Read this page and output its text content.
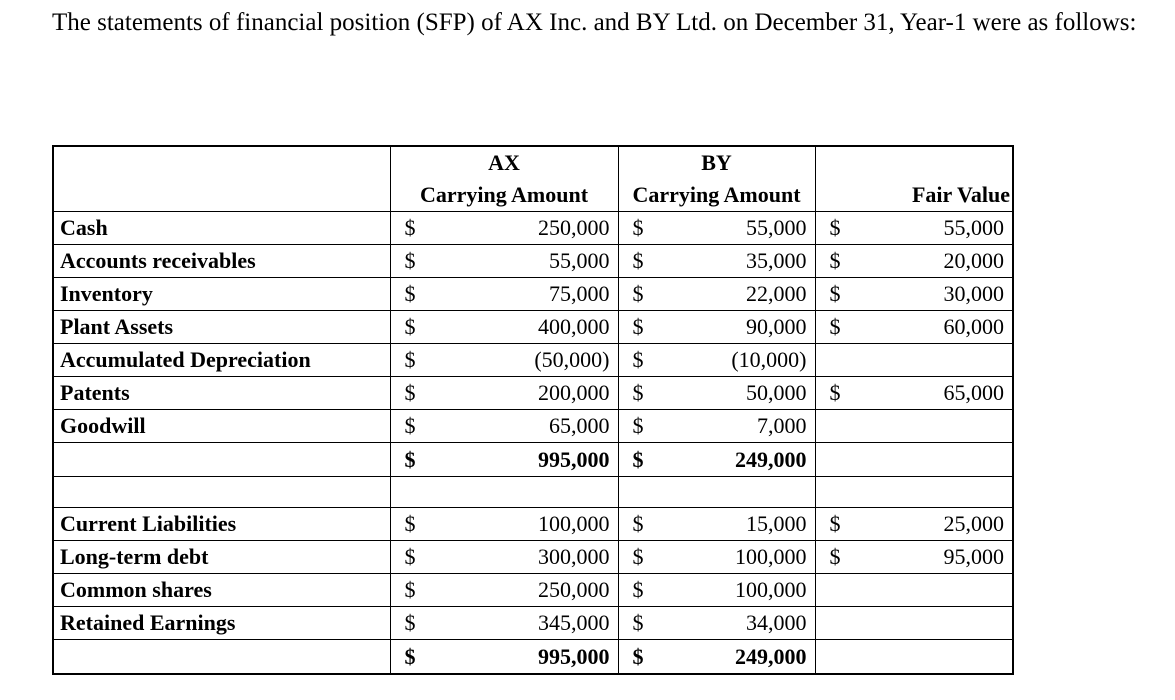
The statements of financial position (SFP) of AX Inc. and BY Ltd. on December 31, Year-1 were as follows:
	AX		BY			
	Carrying Amount		Carrying Amount		Fair Value	
Cash	$	250,000	$	55,000	$	55,000
Accounts receivables	$	55,000	$	35,000	$	20,000
Inventory	$	75,000	$	22,000	$	30,000
Plant Assets	$	400,000	$	90,000	$	60,000
Accumulated Depreciation	$	(50,000)	$	(10,000)		
Patents	$	200,000	$	50,000	$	65,000
Goodwill	$	65,000	$	7,000		
	$	995,000	$	249,000		

Current Liabilities	$	100,000	$	15,000	$	25,000
Long-term debt	$	300,000	$	100,000	$	95,000
Common shares	$	250,000	$	100,000		
Retained Earnings	$	345,000	$	34,000		
	$	995,000	$	249,000		
